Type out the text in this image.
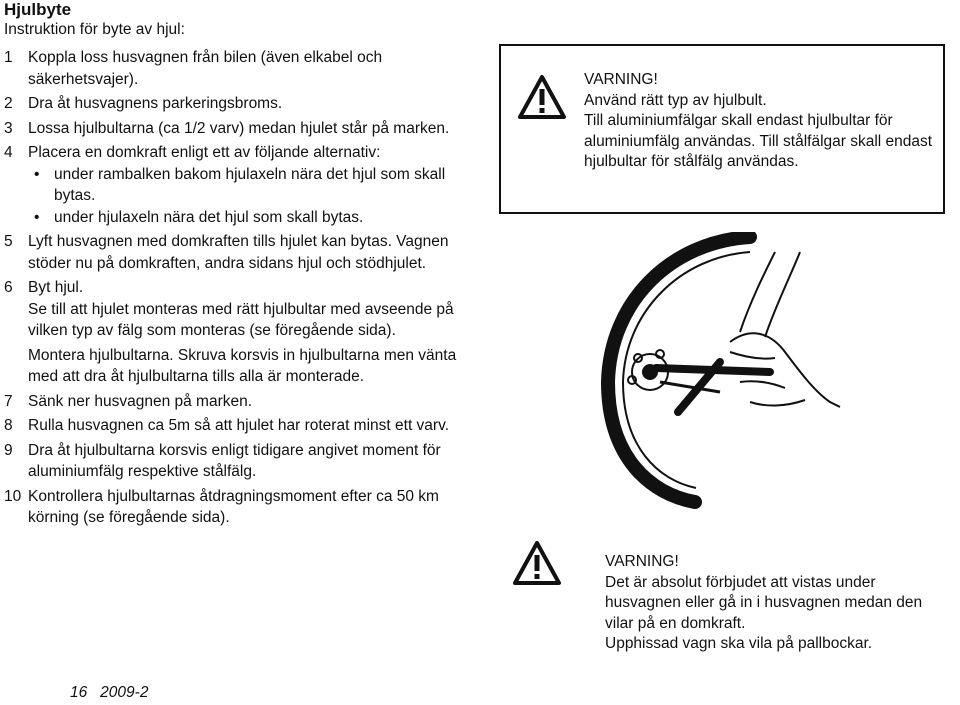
Hjulbyte
Instruktion för byte av hjul:
1 Koppla loss husvagnen från bilen (även elkabel och säkerhetsvajer).
2 Dra åt husvagnens parkeringsbroms.
3 Lossa hjulbultarna (ca 1/2 varv) medan hjulet står på marken.
4 Placera en domkraft enligt ett av följande alternativ:
• under rambalken bakom hjulaxeln nära det hjul som skall bytas.
• under hjulaxeln nära det hjul som skall bytas.
5 Lyft husvagnen med domkraften tills hjulet kan bytas. Vagnen stöder nu på domkraften, andra sidans hjul och stödhjulet.
6 Byt hjul.
Se till att hjulet monteras med rätt hjulbultar med avseende på vilken typ av fälg som monteras (se föregående sida).
Montera hjulbultarna. Skruva korsvis in hjulbultarna men vänta med att dra åt hjulbultarna tills alla är monterade.
7 Sänk ner husvagnen på marken.
8 Rulla husvagnen ca 5m så att hjulet har roterat minst ett varv.
9 Dra åt hjulbultarna korsvis enligt tidigare angivet moment för aluminiumfälg respektive stålfälg.
10 Kontrollera hjulbultarnas åtdragningsmoment efter ca 50 km körning (se föregående sida).
VARNING!
Använd rätt typ av hjulbult.
Till aluminiumfälgar skall endast hjulbultar för aluminiumfälg användas. Till stålfälgar skall endast hjulbultar för stålfälg användas.
VARNING!
Det är absolut förbjudet att vistas under husvagnen eller gå in i husvagnen medan den vilar på en domkraft.
Upphissad vagn ska vila på pallbockar.
16 2009-2
